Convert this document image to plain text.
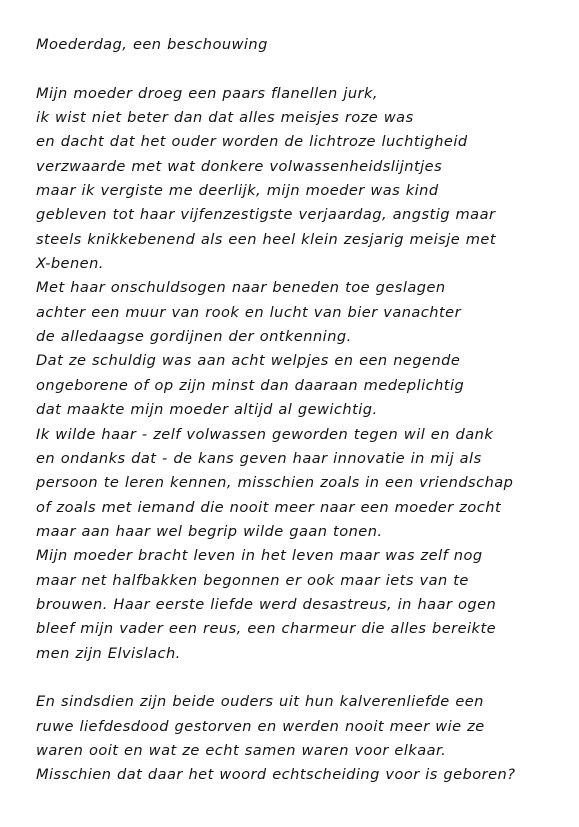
Moederdag, een beschouwing
Mijn moeder droeg een paars flanellen jurk,
ik wist niet beter dan dat alles meisjes roze was
en dacht dat het ouder worden de lichtroze luchtigheid
verzwaarde met wat donkere volwassenheidslijntjes
maar ik vergiste me deerlijk, mijn moeder was kind
gebleven tot haar vijfenzestigste verjaardag, angstig maar
steels knikkebenend als een heel klein zesjarig meisje met
X-benen.
Met haar onschuldsogen naar beneden toe geslagen
achter een muur van rook en lucht van bier vanachter
de alledaagse gordijnen der ontkenning.
Dat ze schuldig was aan acht welpjes en een negende
ongeborene of op zijn minst dan daaraan medeplichtig
dat maakte mijn moeder altijd al gewichtig.
Ik wilde haar - zelf volwassen geworden tegen wil en dank
en ondanks dat - de kans geven haar innovatie in mij als
persoon te leren kennen, misschien zoals in een vriendschap
of zoals met iemand die nooit meer naar een moeder zocht
maar aan haar wel begrip wilde gaan tonen.
Mijn moeder bracht leven in het leven maar was zelf nog
maar net halfbakken begonnen er ook maar iets van te
brouwen. Haar eerste liefde werd desastreus, in haar ogen
bleef mijn vader een reus, een charmeur die alles bereikte
men zijn Elvislach.
En sindsdien zijn beide ouders uit hun kalverenliefde een
ruwe liefdesdood gestorven en werden nooit meer wie ze
waren ooit en wat ze echt samen waren voor elkaar.
Misschien dat daar het woord echtscheiding voor is geboren?
